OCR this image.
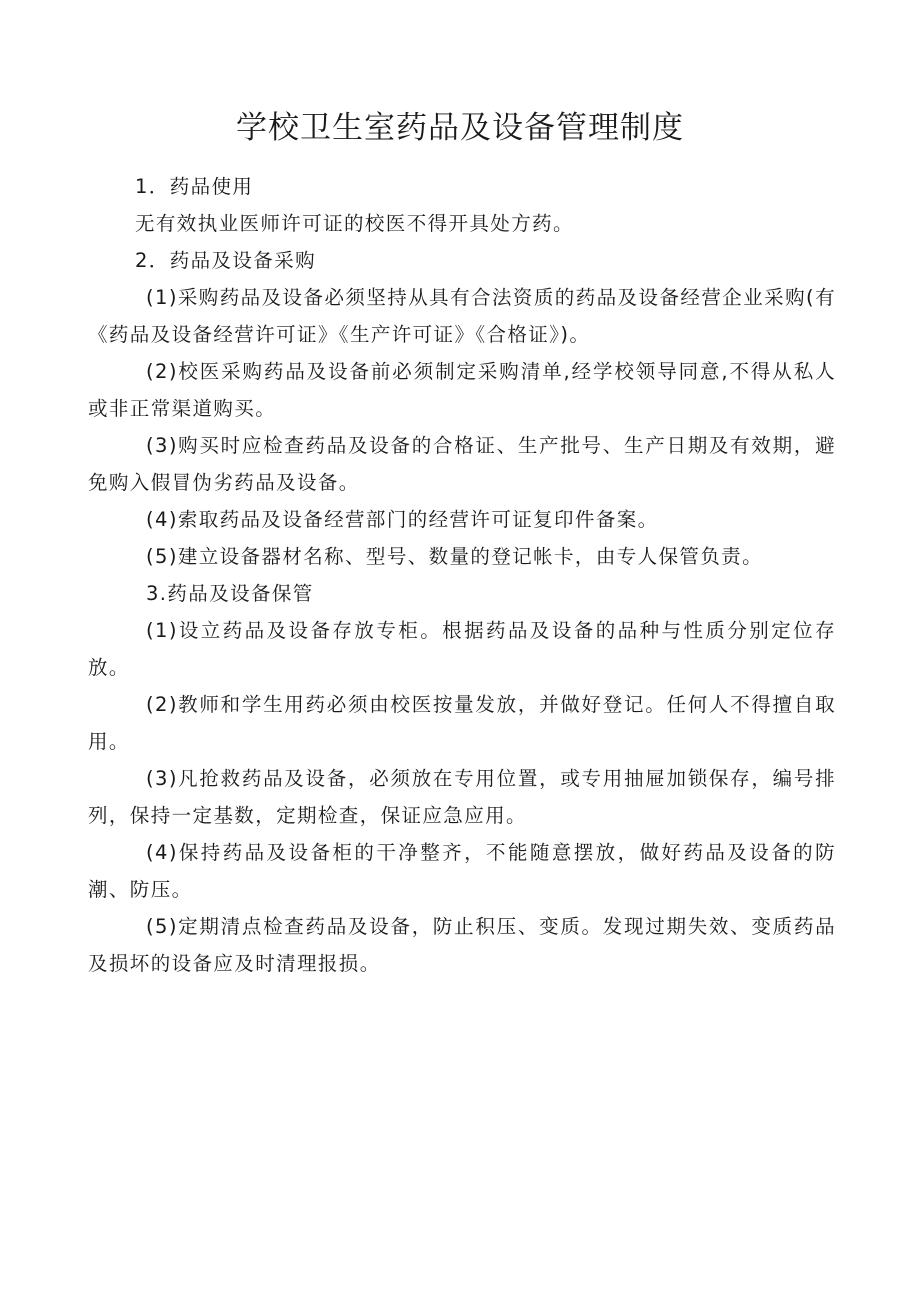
学校卫生室药品及设备管理制度

1．药品使用

无有效执业医师许可证的校医不得开具处方药。

2．药品及设备采购

(1)采购药品及设备必须坚持从具有合法资质的药品及设备经营企业采购(有《药品及设备经营许可证》《生产许可证》《合格证》)。

(2)校医采购药品及设备前必须制定采购清单,经学校领导同意,不得从私人或非正常渠道购买。

(3)购买时应检查药品及设备的合格证、生产批号、生产日期及有效期，避免购入假冒伪劣药品及设备。

(4)索取药品及设备经营部门的经营许可证复印件备案。

(5)建立设备器材名称、型号、数量的登记帐卡，由专人保管负责。

3.药品及设备保管

(1)设立药品及设备存放专柜。根据药品及设备的品种与性质分别定位存放。

(2)教师和学生用药必须由校医按量发放，并做好登记。任何人不得擅自取用。

(3)凡抢救药品及设备，必须放在专用位置，或专用抽屉加锁保存，编号排列，保持一定基数，定期检查，保证应急应用。

(4)保持药品及设备柜的干净整齐，不能随意摆放，做好药品及设备的防潮、防压。

(5)定期清点检查药品及设备，防止积压、变质。发现过期失效、变质药品及损坏的设备应及时清理报损。
